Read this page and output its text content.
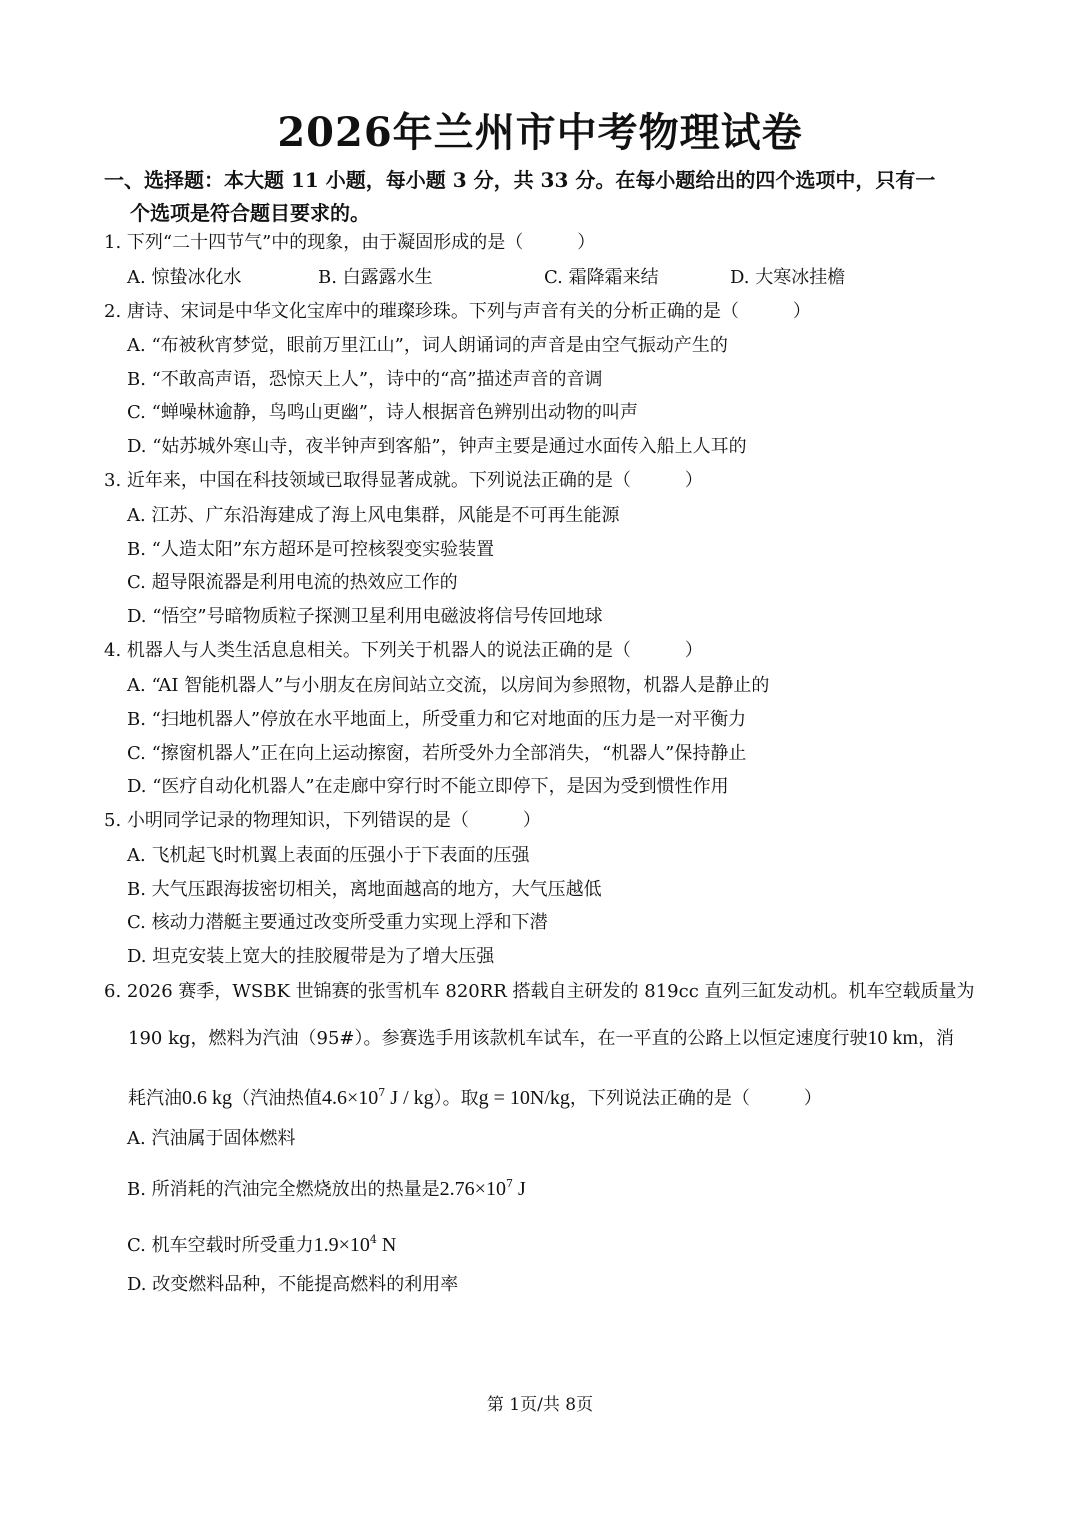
2026年兰州市中考物理试卷
一、选择题：本大题 11 小题，每小题 3 分，共 33 分。在每小题给出的四个选项中，只有一
个选项是符合题目要求的。
1. 下列“二十四节气”中的现象，由于凝固形成的是（　　　）
A. 惊蛰冰化水	B. 白露露水生	C. 霜降霜来结	D. 大寒冰挂檐
2. 唐诗、宋词是中华文化宝库中的璀璨珍珠。下列与声音有关的分析正确的是（　　　）
A. “布被秋宵梦觉，眼前万里江山”，词人朗诵词的声音是由空气振动产生的
B. “不敢高声语，恐惊天上人”，诗中的“高”描述声音的音调
C. “蝉噪林逾静，鸟鸣山更幽”，诗人根据音色辨别出动物的叫声
D. “姑苏城外寒山寺，夜半钟声到客船”，钟声主要是通过水面传入船上人耳的
3. 近年来，中国在科技领域已取得显著成就。下列说法正确的是（　　　）
A. 江苏、广东沿海建成了海上风电集群，风能是不可再生能源
B. “人造太阳”东方超环是可控核裂变实验装置
C. 超导限流器是利用电流的热效应工作的
D. “悟空”号暗物质粒子探测卫星利用电磁波将信号传回地球
4. 机器人与人类生活息息相关。下列关于机器人的说法正确的是（　　　）
A. “AI 智能机器人”与小朋友在房间站立交流，以房间为参照物，机器人是静止的
B. “扫地机器人”停放在水平地面上，所受重力和它对地面的压力是一对平衡力
C. “擦窗机器人”正在向上运动擦窗，若所受外力全部消失，“机器人”保持静止
D. “医疗自动化机器人”在走廊中穿行时不能立即停下，是因为受到惯性作用
5. 小明同学记录的物理知识，下列错误的是（　　　）
A. 飞机起飞时机翼上表面的压强小于下表面的压强
B. 大气压跟海拔密切相关，离地面越高的地方，大气压越低
C. 核动力潜艇主要通过改变所受重力实现上浮和下潜
D. 坦克安装上宽大的挂胶履带是为了增大压强
6. 2026 赛季，WSBK 世锦赛的张雪机车 820RR 搭载自主研发的 819cc 直列三缸发动机。机车空载质量为
190 kg，燃料为汽油（95#）。参赛选手用该款机车试车，在一平直的公路上以恒定速度行驶10 km，消
耗汽油0.6 kg（汽油热值$4.6\times 10^7$ J / kg）。取g = 10N/kg，下列说法正确的是（　　　）
A. 汽油属于固体燃料
B. 所消耗的汽油完全燃烧放出的热量是$2.76\times 10^7$ J
C. 机车空载时所受重力$1.9\times 10^4$ N
D. 改变燃料品种，不能提高燃料的利用率
第 1页/共 8页
